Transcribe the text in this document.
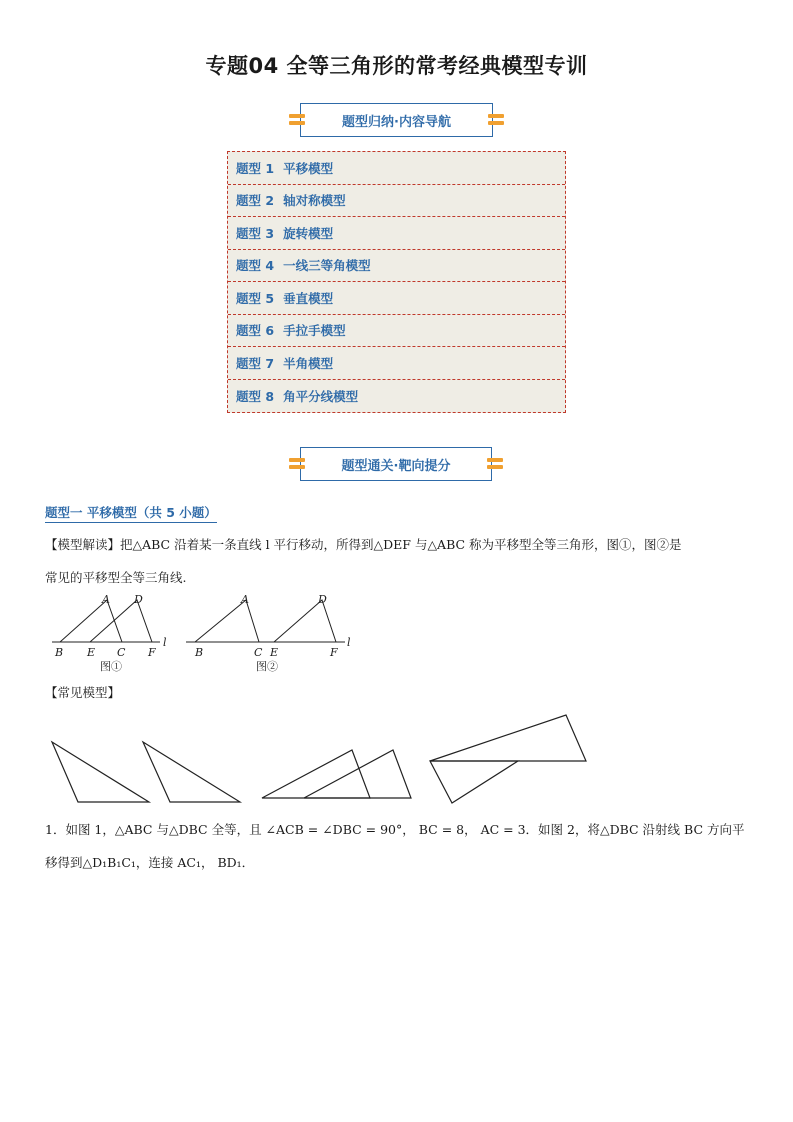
专题04 全等三角形的常考经典模型专训
题型归纳·内容导航
题型 1 平移模型
题型 2 轴对称模型
题型 3 旋转模型
题型 4 一线三等角模型
题型 5 垂直模型
题型 6 手拉手模型
题型 7 半角模型
题型 8 角平分线模型
题型通关·靶向提分
题型一 平移模型（共 5 小题）
【模型解读】把△ABC 沿着某一条直线 l 平行移动，所得到△DEF 与△ABC 称为平移型全等三角形，图①，图②是
常见的平移型全等三角线.
A D
B E C F
l
A	D
B	C E	F
l
图①	图②
【常见模型】
1．如图 1，△ABC 与△DBC 全等，且 ∠ACB = ∠DBC = 90°， BC = 8， AC = 3．如图 2，将△DBC 沿射线 BC 方向平
移得到△D₁B₁C₁，连接 AC₁， BD₁．
